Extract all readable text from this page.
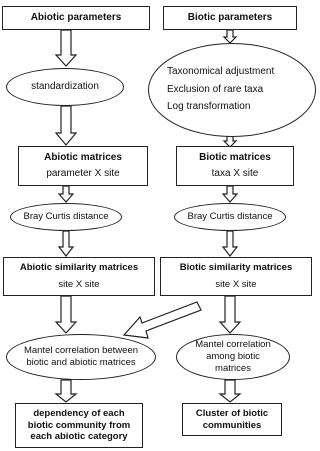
Abiotic parameters	Biotic parameters
standardization
Taxonomical adjustment
Exclusion of rare taxa
Log transformation
Abiotic matrices
parameter X site
Biotic matrices
taxa X site
Bray Curtis distance	Bray Curtis distance
Abiotic similarity matrices
site X site
Biotic similarity matrices
site X site
Mantel correlation between biotic and abiotic matrices
Mantel correlation among biotic matrices
dependency of each biotic community from each abiotic category
Cluster of biotic communities
